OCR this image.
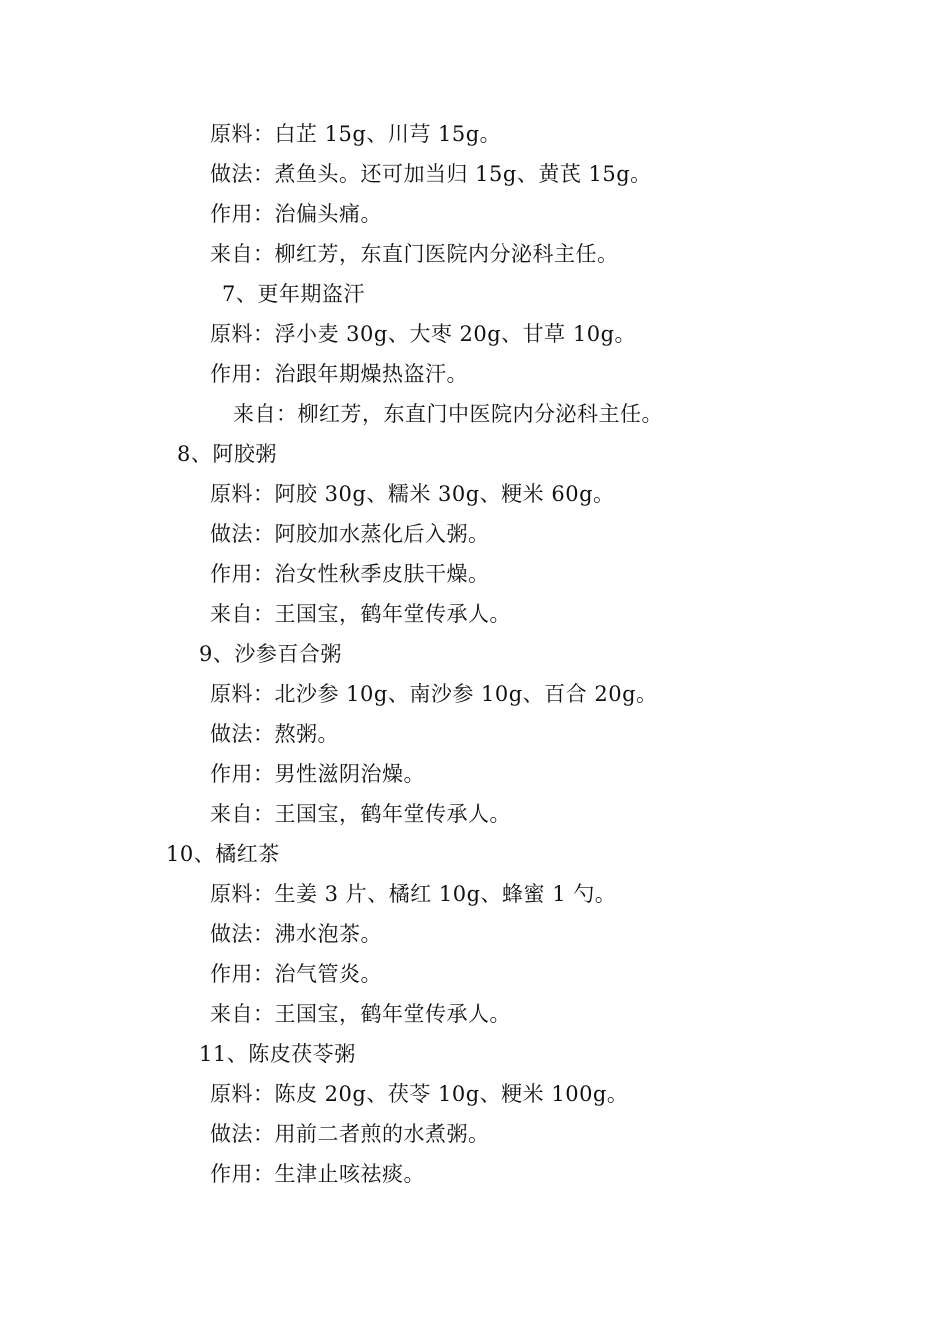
原料：白芷 15g、川芎 15g。
做法：煮鱼头。还可加当归 15g、黄芪 15g。
作用：治偏头痛。
来自：柳红芳，东直门医院内分泌科主任。
7、更年期盗汗
原料：浮小麦 30g、大枣 20g、甘草 10g。
作用：治跟年期燥热盗汗。
来自：柳红芳，东直门中医院内分泌科主任。
8、阿胶粥
原料：阿胶 30g、糯米 30g、粳米 60g。
做法：阿胶加水蒸化后入粥。
作用：治女性秋季皮肤干燥。
来自：王国宝，鹤年堂传承人。
9、沙参百合粥
原料：北沙参 10g、南沙参 10g、百合 20g。
做法：熬粥。
作用：男性滋阴治燥。
来自：王国宝，鹤年堂传承人。
10、橘红茶
原料：生姜 3 片、橘红 10g、蜂蜜 1 勺。
做法：沸水泡茶。
作用：治气管炎。
来自：王国宝，鹤年堂传承人。
11、陈皮茯苓粥
原料：陈皮 20g、茯苓 10g、粳米 100g。
做法：用前二者煎的水煮粥。
作用：生津止咳祛痰。
